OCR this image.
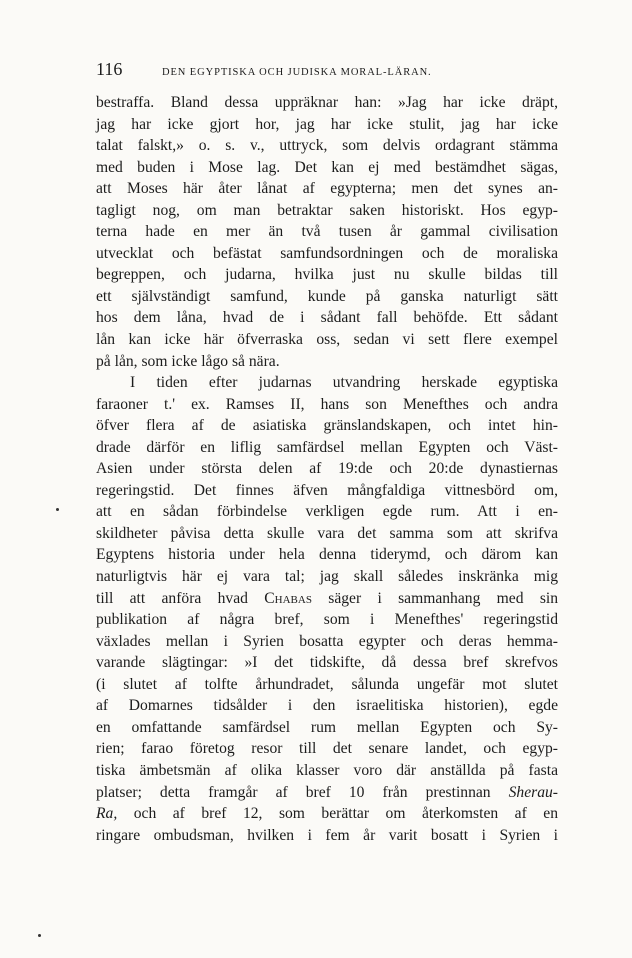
116	DEN EGYPTISKA OCH JUDISKA MORAL-LÄRAN.
bestraffa. Bland dessa uppräknar han: »Jag har icke dräpt,
jag har icke gjort hor, jag har icke stulit, jag har icke
talat falskt,» o. s. v., uttryck, som delvis ordagrant stämma
med buden i Mose lag. Det kan ej med bestämdhet sägas,
att Moses här åter lånat af egypterna; men det synes an-
tagligt nog, om man betraktar saken historiskt. Hos egyp-
terna hade en mer än två tusen år gammal civilisation
utvecklat och befästat samfundsordningen och de moraliska
begreppen, och judarna, hvilka just nu skulle bildas till
ett självständigt samfund, kunde på ganska naturligt sätt
hos dem låna, hvad de i sådant fall behöfde. Ett sådant
lån kan icke här öfverraska oss, sedan vi sett flere exempel
på lån, som icke lågo så nära.
I tiden efter judarnas utvandring herskade egyptiska
faraoner t.' ex. Ramses II, hans son Menefthes och andra
öfver flera af de asiatiska gränslandskapen, och intet hin-
drade därför en liflig samfärdsel mellan Egypten och Väst-
Asien under största delen af 19:de och 20:de dynastiernas
regeringstid. Det finnes äfven mångfaldiga vittnesbörd om,
att en sådan förbindelse verkligen egde rum. Att i en-
skildheter påvisa detta skulle vara det samma som att skrifva
Egyptens historia under hela denna tiderymd, och därom kan
naturligtvis här ej vara tal; jag skall således inskränka mig
till att anföra hvad Chabas säger i sammanhang med sin
publikation af några bref, som i Menefthes' regeringstid
växlades mellan i Syrien bosatta egypter och deras hemma-
varande slägtingar: »I det tidskifte, då dessa bref skrefvos
(i slutet af tolfte århundradet, sålunda ungefär mot slutet
af Domarnes tidsålder i den israelitiska historien), egde
en omfattande samfärdsel rum mellan Egypten och Sy-
rien; farao företog resor till det senare landet, och egyp-
tiska ämbetsmän af olika klasser voro där anställda på fasta
platser; detta framgår af bref 10 från prestinnan Sherau-
Ra, och af bref 12, som berättar om återkomsten af en
ringare ombudsman, hvilken i fem år varit bosatt i Syrien i
